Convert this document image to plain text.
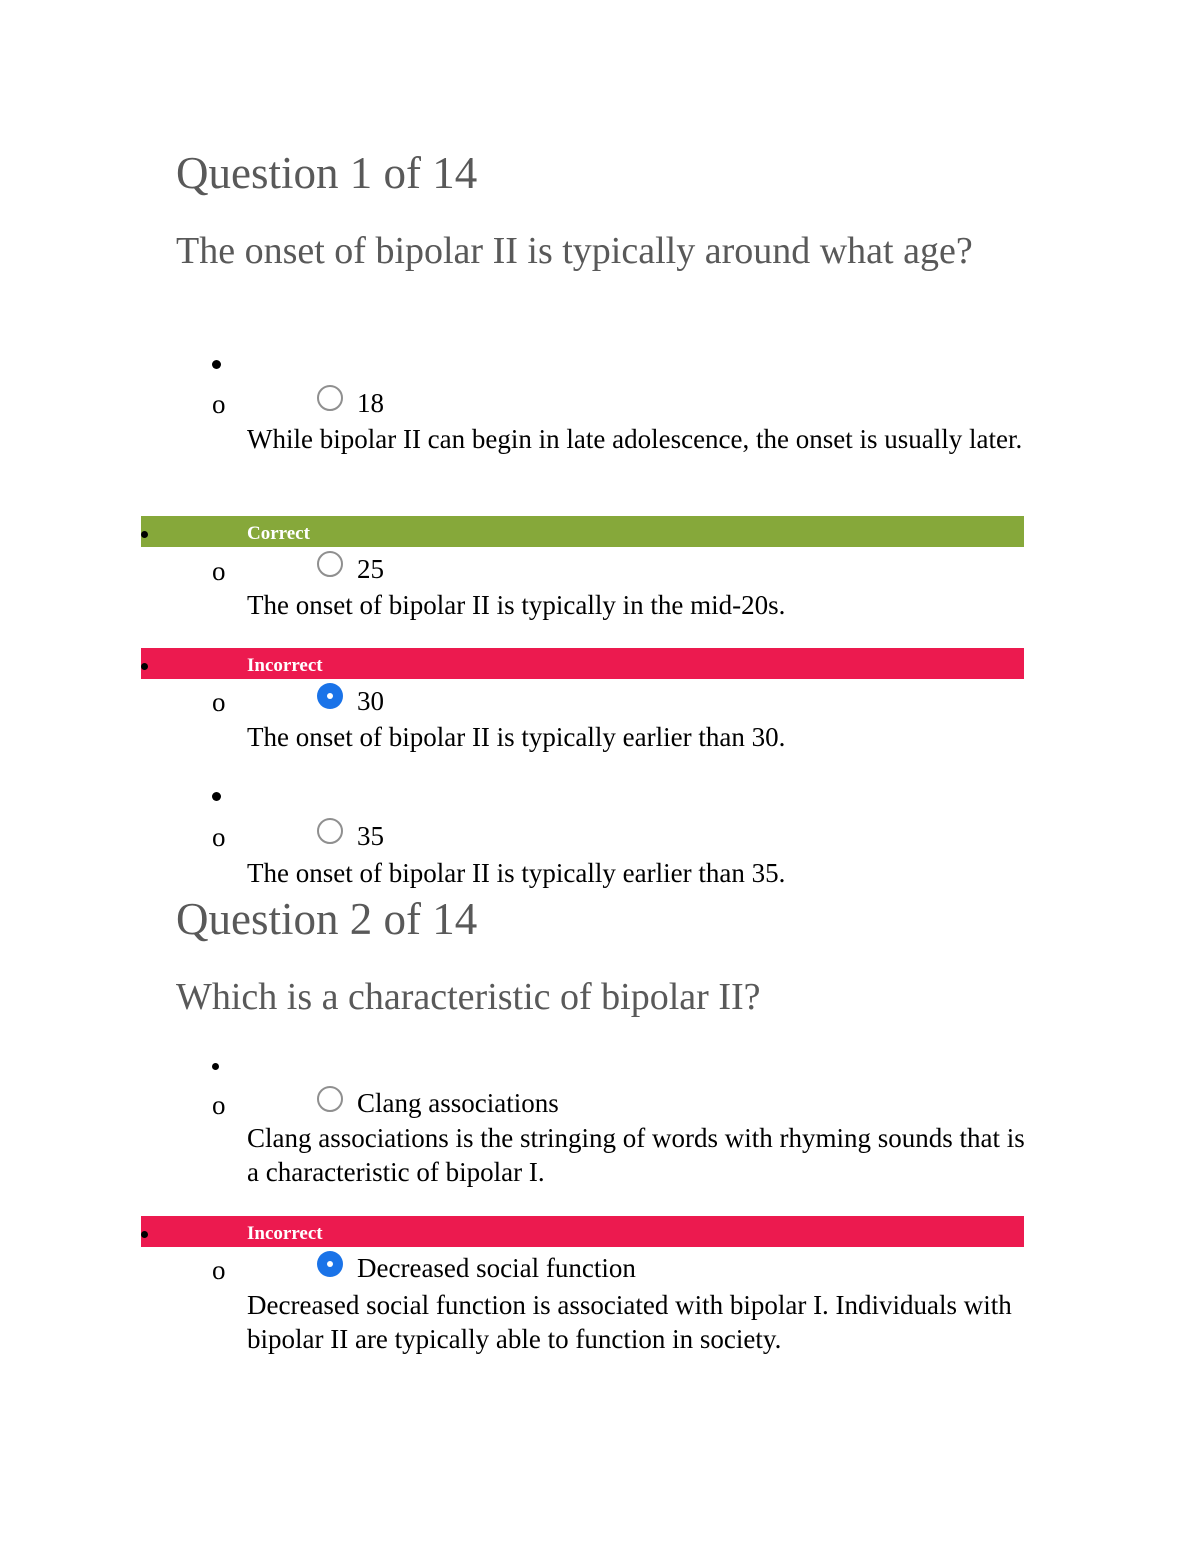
Question 1 of 14
The onset of bipolar II is typically around what age?
o	18
While bipolar II can begin in late adolescence, the onset is usually later.
Correct
o	25
The onset of bipolar II is typically in the mid-20s.
Incorrect
o	30
The onset of bipolar II is typically earlier than 30.
o	35
The onset of bipolar II is typically earlier than 35.
Question 2 of 14
Which is a characteristic of bipolar II?
o	Clang associations
Clang associations is the stringing of words with rhyming sounds that is a characteristic of bipolar I.
Incorrect
o	Decreased social function
Decreased social function is associated with bipolar I. Individuals with bipolar II are typically able to function in society.
